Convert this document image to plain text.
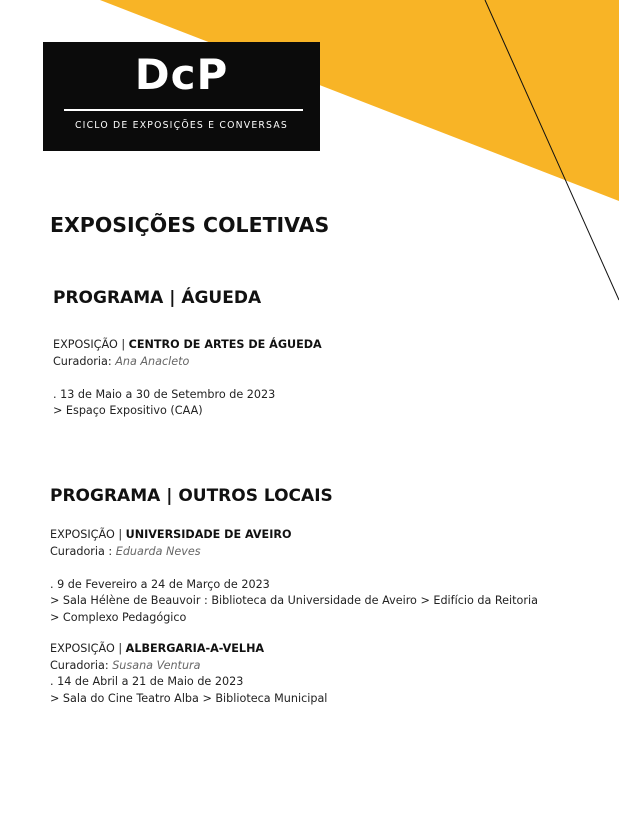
DcP
CICLO DE EXPOSIÇÕES E CONVERSAS
EXPOSIÇÕES COLETIVAS
PROGRAMA | ÁGUEDA
EXPOSIÇÃO | CENTRO DE ARTES DE ÁGUEDA
Curadoria: Ana Anacleto
. 13 de Maio a 30 de Setembro de 2023
> Espaço Expositivo (CAA)
PROGRAMA | OUTROS LOCAIS
EXPOSIÇÃO | UNIVERSIDADE DE AVEIRO
Curadoria : Eduarda Neves
. 9 de Fevereiro a 24 de Março de 2023
> Sala Hélène de Beauvoir : Biblioteca da Universidade de Aveiro > Edifício da Reitoria
> Complexo Pedagógico
EXPOSIÇÃO | ALBERGARIA-A-VELHA
Curadoria: Susana Ventura
. 14 de Abril a 21 de Maio de 2023
> Sala do Cine Teatro Alba > Biblioteca Municipal
